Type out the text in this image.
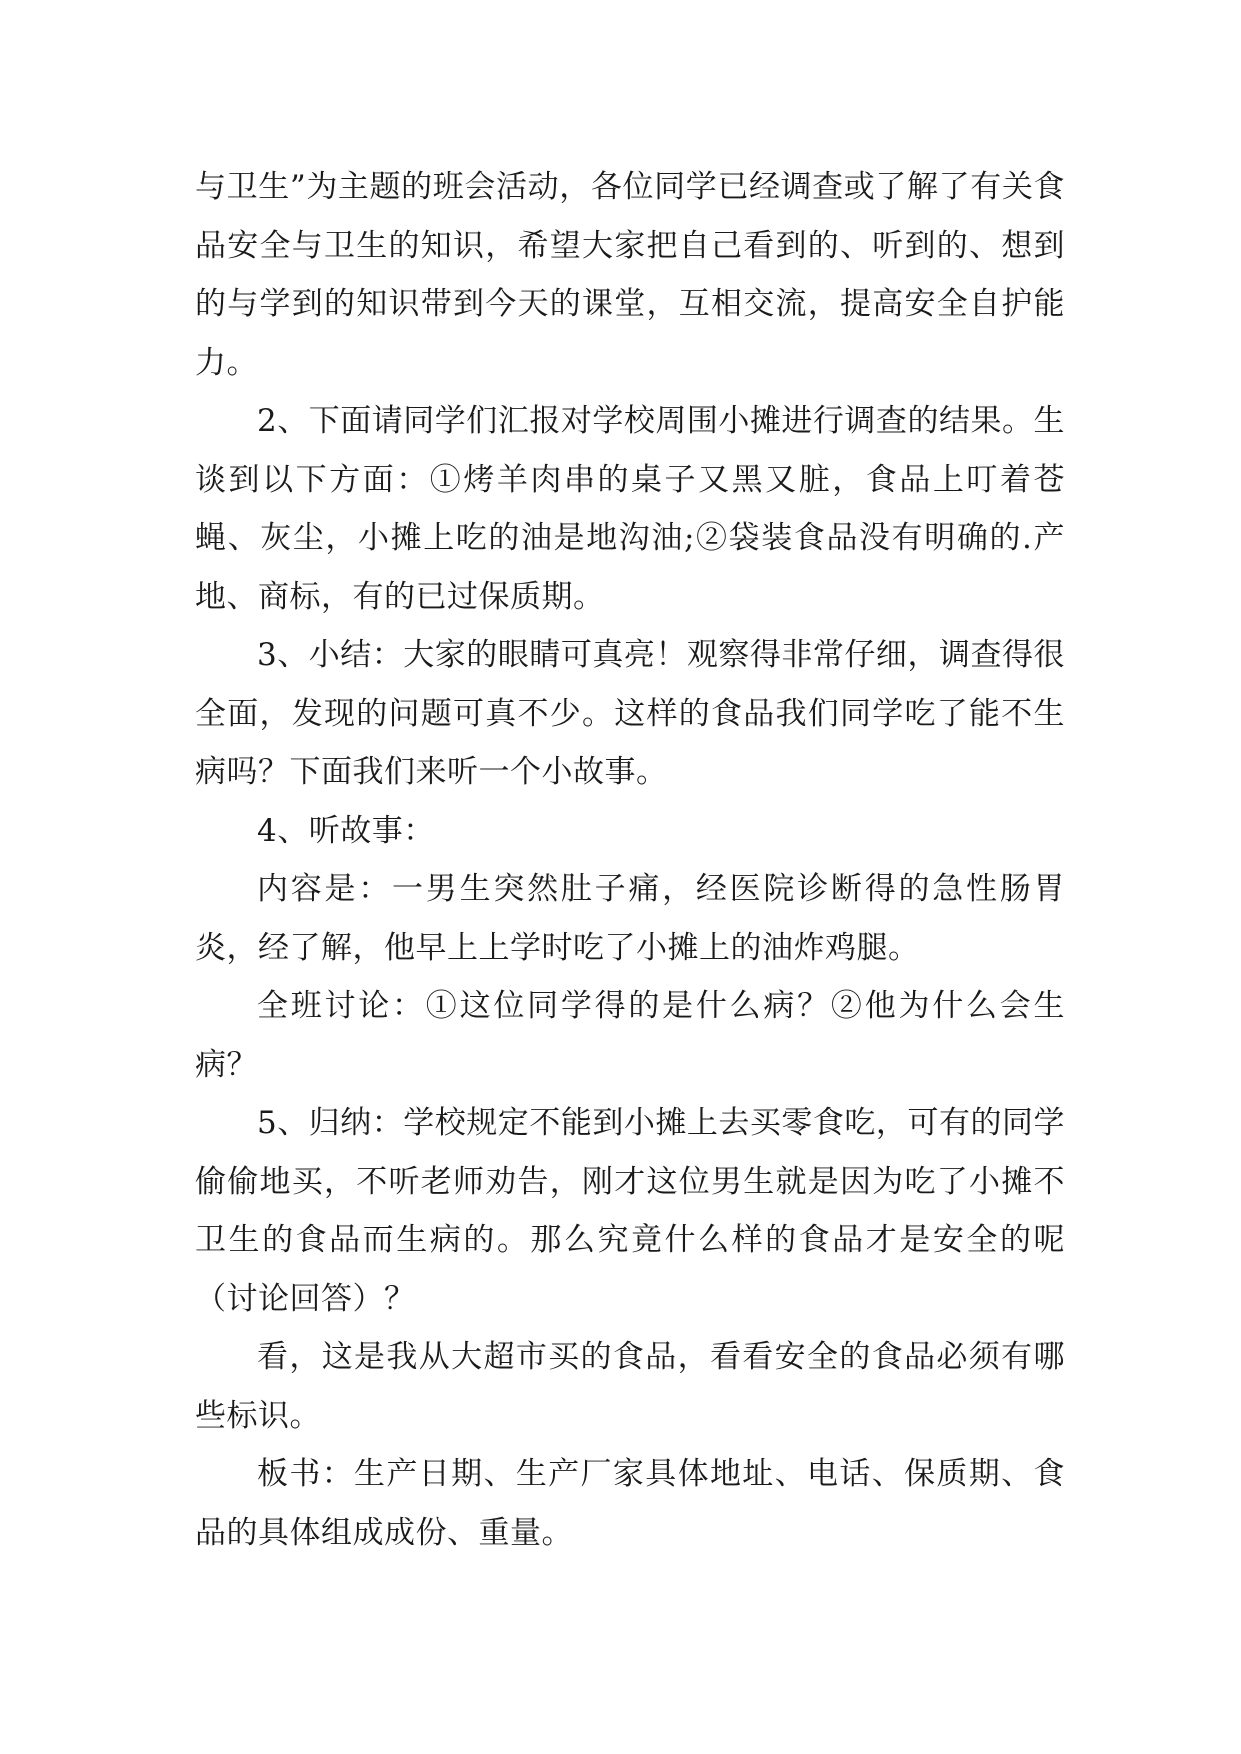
与卫生”为主题的班会活动，各位同学已经调查或了解了有关食品安全与卫生的知识，希望大家把自己看到的、听到的、想到的与学到的知识带到今天的课堂，互相交流，提高安全自护能力。

2、下面请同学们汇报对学校周围小摊进行调查的结果。生谈到以下方面：①烤羊肉串的桌子又黑又脏，食品上叮着苍蝇、灰尘，小摊上吃的油是地沟油;②袋装食品没有明确的.产地、商标，有的已过保质期。

3、小结：大家的眼睛可真亮！观察得非常仔细，调查得很全面，发现的问题可真不少。这样的食品我们同学吃了能不生病吗？下面我们来听一个小故事。

4、听故事：

内容是：一男生突然肚子痛，经医院诊断得的急性肠胃炎，经了解，他早上上学时吃了小摊上的油炸鸡腿。

全班讨论：①这位同学得的是什么病？②他为什么会生病？

5、归纳：学校规定不能到小摊上去买零食吃，可有的同学偷偷地买，不听老师劝告，刚才这位男生就是因为吃了小摊不卫生的食品而生病的。那么究竟什么样的食品才是安全的呢（讨论回答）？

看，这是我从大超市买的食品，看看安全的食品必须有哪些标识。

板书：生产日期、生产厂家具体地址、电话、保质期、食品的具体组成成份、重量。
